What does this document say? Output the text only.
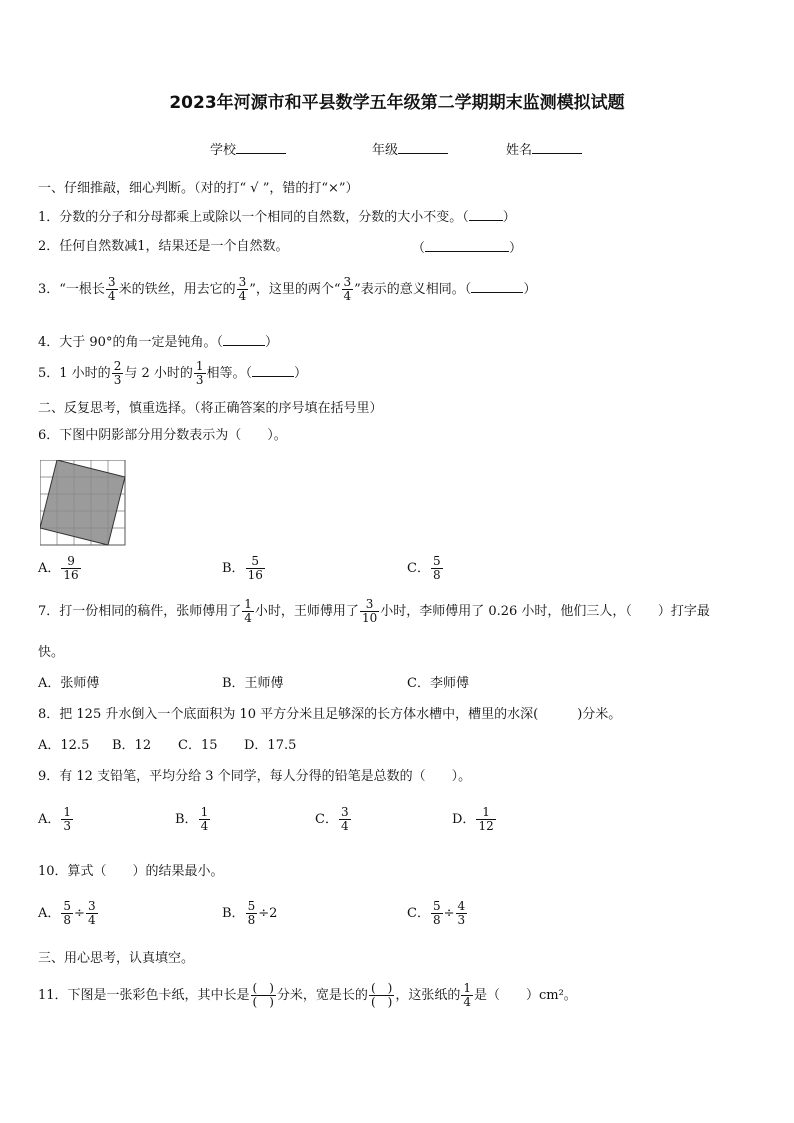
2023年河源市和平县数学五年级第二学期期末监测模拟试题
学校	年级	姓名
一、仔细推敲，细心判断。（对的打“ √ ”，错的打“×”）
1．分数的分子和分母都乘上或除以一个相同的自然数，分数的大小不变。（	）
2．任何自然数减1，结果还是一个自然数。	（	）
3．“一根长 $\frac{3}{4}$ 米的铁丝，用去它的 $\frac{3}{4}$ ”，这里的两个“ $\frac{3}{4}$ ”表示的意义相同。（	）
4．大于 90°的角一定是钝角。（	）
5．1 小时的 $\frac{2}{3}$ 与 2 小时的 $\frac{1}{3}$ 相等。（	）
二、反复思考，慎重选择。（将正确答案的序号填在括号里）
6．下图中阴影部分用分数表示为（　　）。
A． $\frac{9}{16}$	B． $\frac{5}{16}$	C． $\frac{5}{8}$
7．打一份相同的稿件，张师傅用了 $\frac{1}{4}$ 小时，王师傅用了 $\frac{3}{10}$ 小时，李师傅用了 0.26 小时，他们三人，（　　）打字最
快。
A．张师傅	B．王师傅	C．李师傅
8．把 125 升水倒入一个底面积为 10 平方分米且足够深的长方体水槽中，槽里的水深(　　　)分米。
A．12.5 B．12 C．15 D．17.5
9．有 12 支铅笔，平均分给 3 个同学，每人分得的铅笔是总数的（　　）。
A． $\frac{1}{3}$	B． $\frac{1}{4}$	C． $\frac{3}{4}$	D． $\frac{1}{12}$
10．算式（　　）的结果最小。
A． $\frac{5}{8} \div \frac{3}{4}$	B． $\frac{5}{8} \div 2$	C． $\frac{5}{8} \div \frac{4}{3}$
三、用心思考，认真填空。
11．下图是一张彩色卡纸，其中长是 $\frac{( )}{( )}$ 分米，宽是长的 $\frac{( )}{( )}$ ，这张纸的 $\frac{1}{4}$ 是（　　）cm²。
